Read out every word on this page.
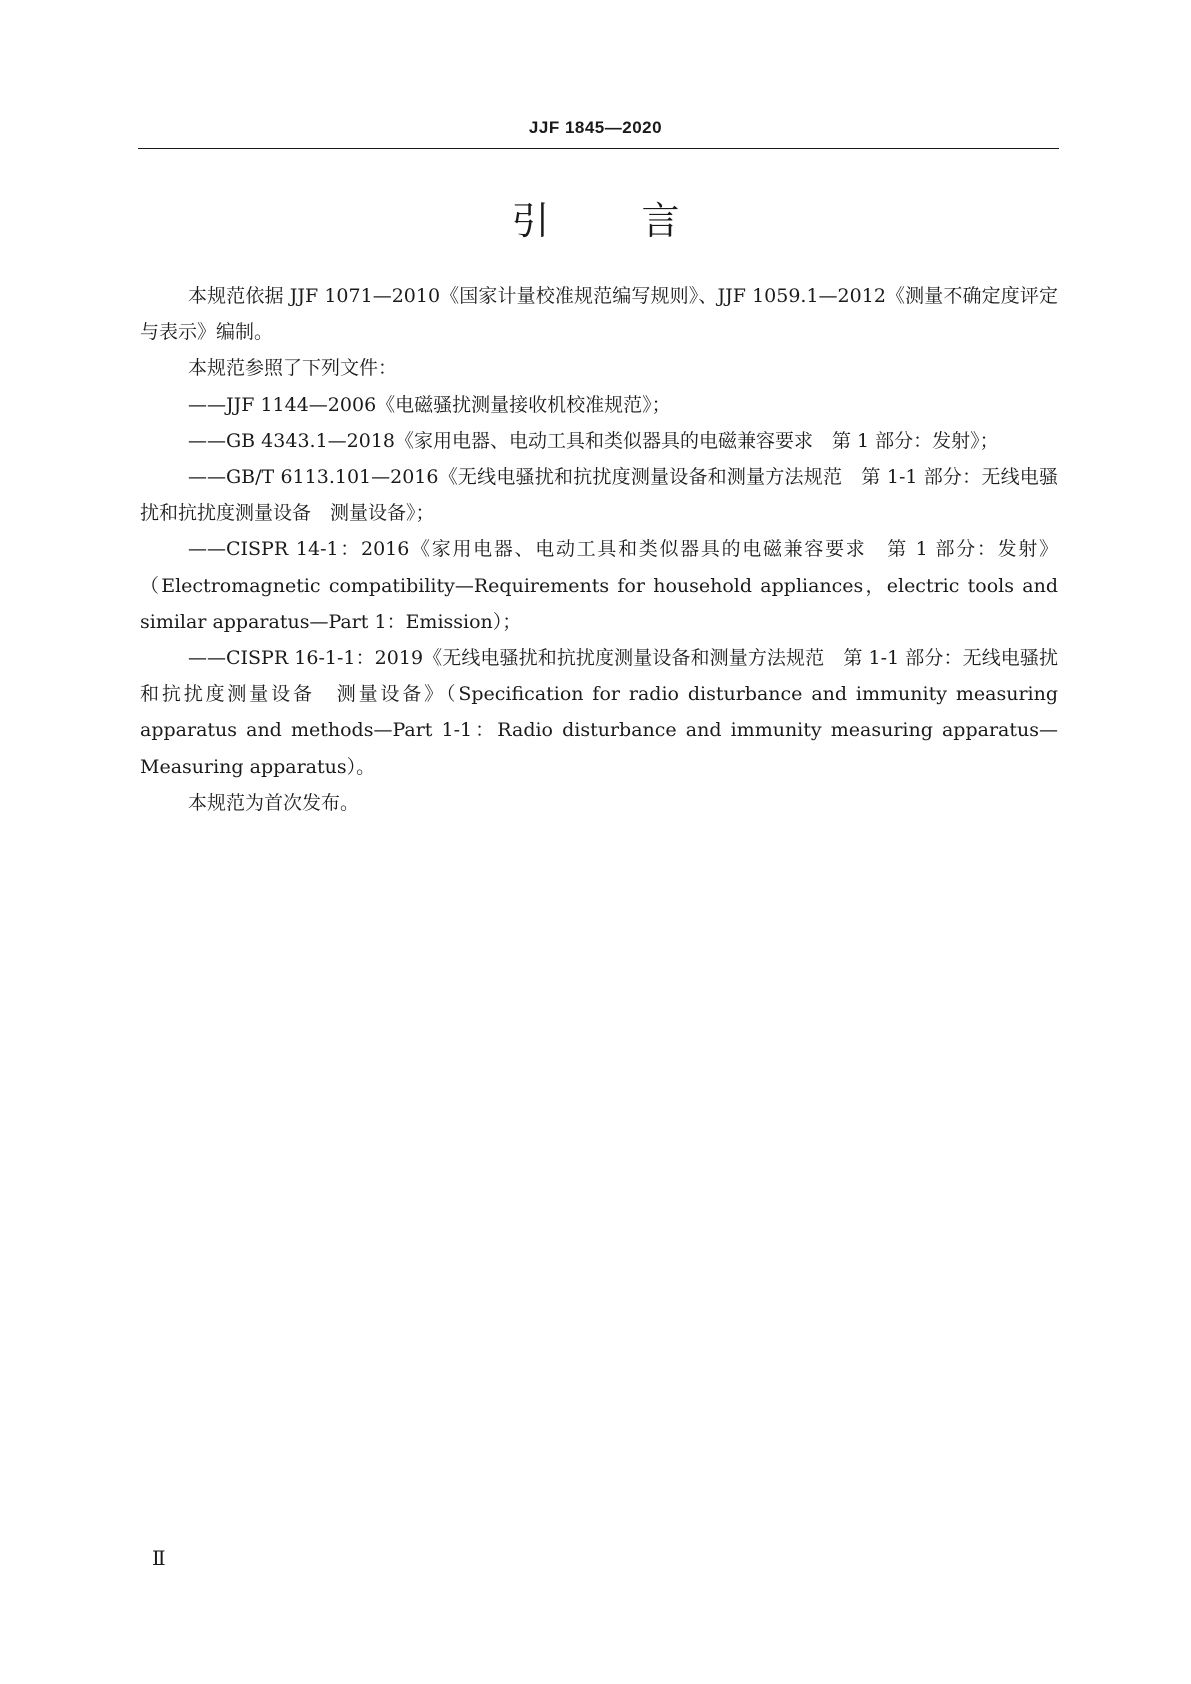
JJF 1845—2020
引 言

本规范依据 JJF 1071—2010《国家计量校准规范编写规则》、JJF 1059.1—2012《测量不确定度评定与表示》编制。

本规范参照了下列文件：

——JJF 1144—2006《电磁骚扰测量接收机校准规范》；

——GB 4343.1—2018《家用电器、电动工具和类似器具的电磁兼容要求　第 1 部分：发射》；

——GB/T 6113.101—2016《无线电骚扰和抗扰度测量设备和测量方法规范　第 1-1 部分：无线电骚扰和抗扰度测量设备　测量设备》；

——CISPR 14-1：2016《家用电器、电动工具和类似器具的电磁兼容要求　第 1 部分：发射》（Electromagnetic compatibility—Requirements for household appliances，electric tools and similar apparatus—Part 1：Emission）；

——CISPR 16-1-1：2019《无线电骚扰和抗扰度测量设备和测量方法规范　第 1-1 部分：无线电骚扰和抗扰度测量设备　测量设备》（Specification for radio disturbance and immunity measuring apparatus and methods—Part 1-1：Radio disturbance and immunity measuring apparatus—Measuring apparatus）。

本规范为首次发布。

Ⅱ
